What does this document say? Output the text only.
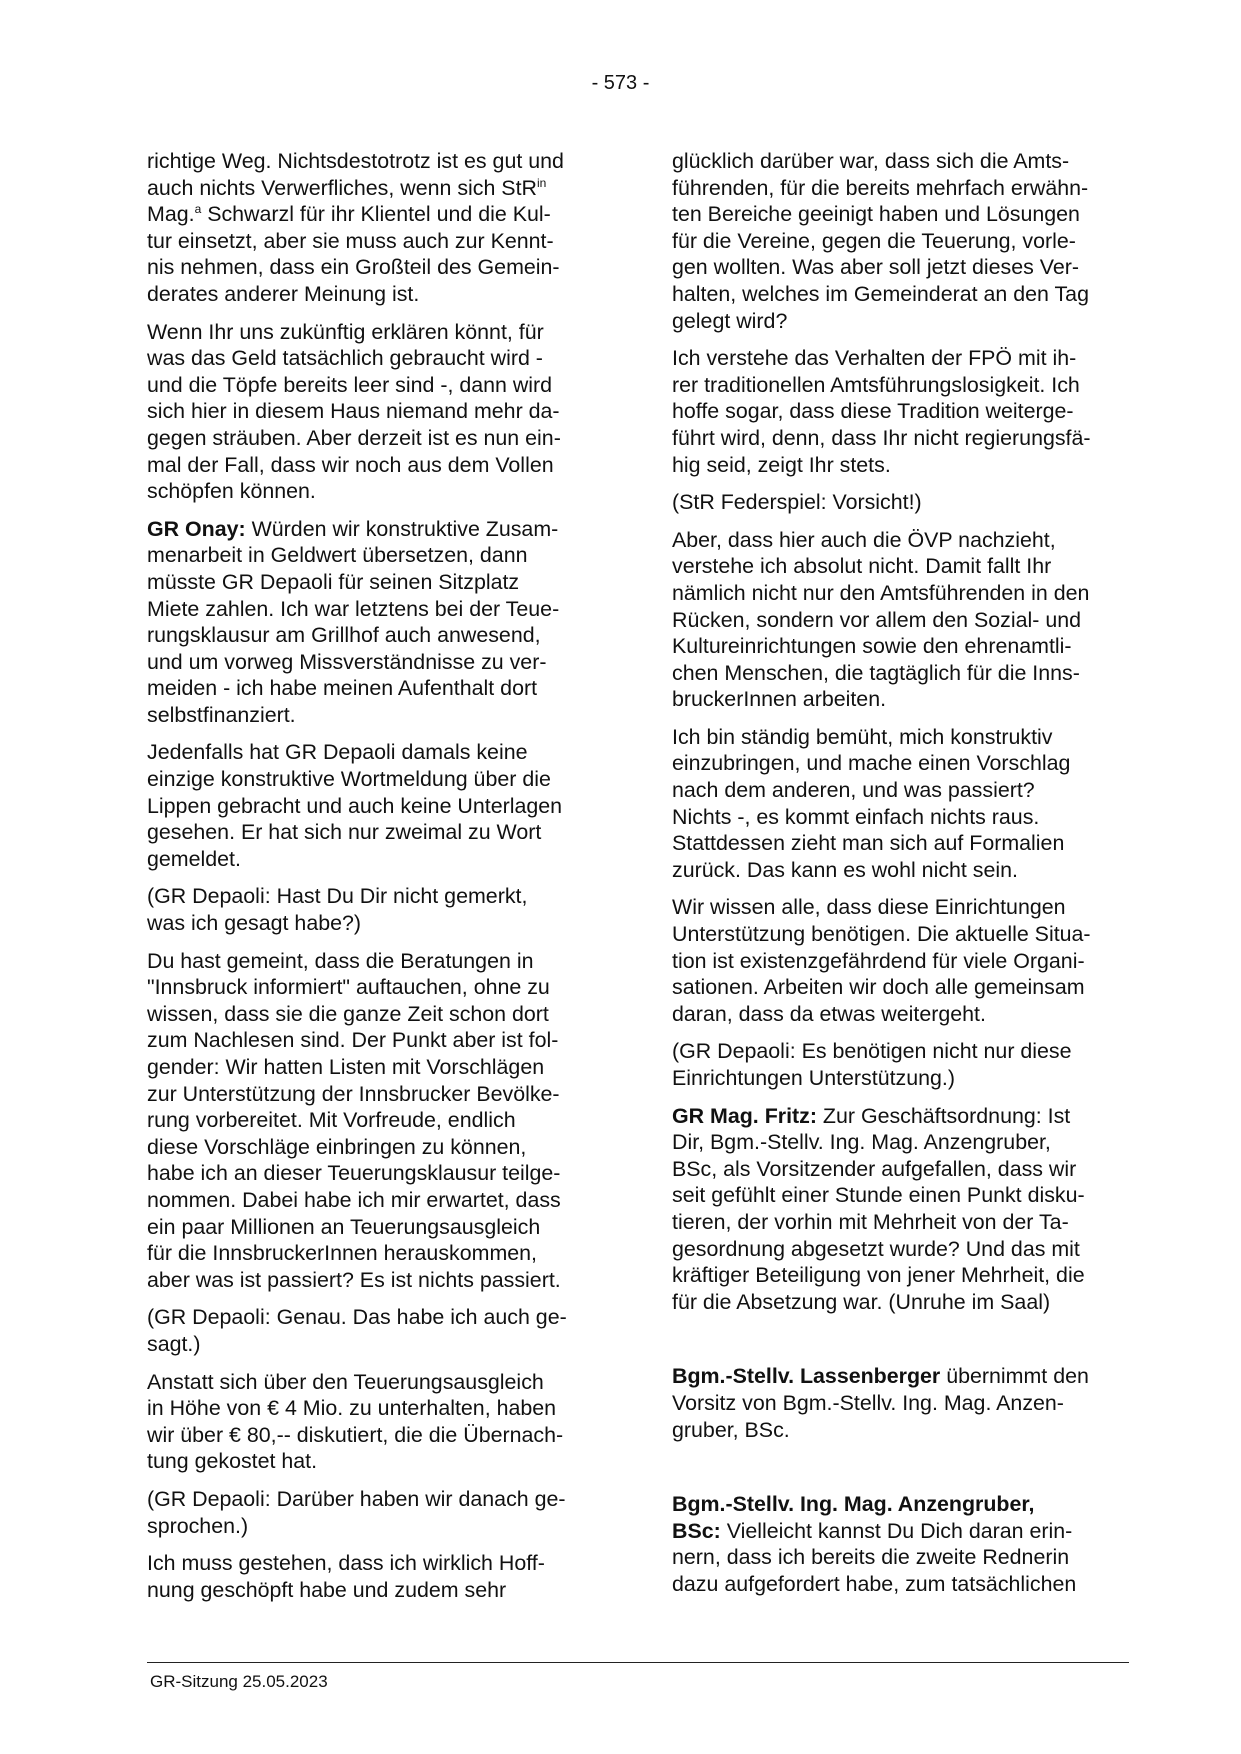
- 573 -

richtige Weg. Nichtsdestotrotz ist es gut und
auch nichts Verwerfliches, wenn sich StR$^{in}$
Mag.$^a$ Schwarzl für ihr Klientel und die Kul-
tur einsetzt, aber sie muss auch zur Kennt-
nis nehmen, dass ein Großteil des Gemein-
derates anderer Meinung ist.

Wenn Ihr uns zukünftig erklären könnt, für
was das Geld tatsächlich gebraucht wird -
und die Töpfe bereits leer sind -, dann wird
sich hier in diesem Haus niemand mehr da-
gegen sträuben. Aber derzeit ist es nun ein-
mal der Fall, dass wir noch aus dem Vollen
schöpfen können.

GR Onay: Würden wir konstruktive Zusam-
menarbeit in Geldwert übersetzen, dann
müsste GR Depaoli für seinen Sitzplatz
Miete zahlen. Ich war letztens bei der Teue-
rungsklausur am Grillhof auch anwesend,
und um vorweg Missverständnisse zu ver-
meiden - ich habe meinen Aufenthalt dort
selbstfinanziert.

Jedenfalls hat GR Depaoli damals keine
einzige konstruktive Wortmeldung über die
Lippen gebracht und auch keine Unterlagen
gesehen. Er hat sich nur zweimal zu Wort
gemeldet.

(GR Depaoli: Hast Du Dir nicht gemerkt,
was ich gesagt habe?)

Du hast gemeint, dass die Beratungen in
"Innsbruck informiert" auftauchen, ohne zu
wissen, dass sie die ganze Zeit schon dort
zum Nachlesen sind. Der Punkt aber ist fol-
gender: Wir hatten Listen mit Vorschlägen
zur Unterstützung der Innsbrucker Bevölke-
rung vorbereitet. Mit Vorfreude, endlich
diese Vorschläge einbringen zu können,
habe ich an dieser Teuerungsklausur teilge-
nommen. Dabei habe ich mir erwartet, dass
ein paar Millionen an Teuerungsausgleich
für die InnsbruckerInnen herauskommen,
aber was ist passiert? Es ist nichts passiert.

(GR Depaoli: Genau. Das habe ich auch ge-
sagt.)

Anstatt sich über den Teuerungsausgleich
in Höhe von € 4 Mio. zu unterhalten, haben
wir über € 80,-- diskutiert, die die Übernach-
tung gekostet hat.

(GR Depaoli: Darüber haben wir danach ge-
sprochen.)

Ich muss gestehen, dass ich wirklich Hoff-
nung geschöpft habe und zudem sehr

glücklich darüber war, dass sich die Amts-
führenden, für die bereits mehrfach erwähn-
ten Bereiche geeinigt haben und Lösungen
für die Vereine, gegen die Teuerung, vorle-
gen wollten. Was aber soll jetzt dieses Ver-
halten, welches im Gemeinderat an den Tag
gelegt wird?

Ich verstehe das Verhalten der FPÖ mit ih-
rer traditionellen Amtsführungslosigkeit. Ich
hoffe sogar, dass diese Tradition weiterge-
führt wird, denn, dass Ihr nicht regierungsfä-
hig seid, zeigt Ihr stets.

(StR Federspiel: Vorsicht!)

Aber, dass hier auch die ÖVP nachzieht,
verstehe ich absolut nicht. Damit fallt Ihr
nämlich nicht nur den Amtsführenden in den
Rücken, sondern vor allem den Sozial- und
Kultureinrichtungen sowie den ehrenamtli-
chen Menschen, die tagtäglich für die Inns-
bruckerInnen arbeiten.

Ich bin ständig bemüht, mich konstruktiv
einzubringen, und mache einen Vorschlag
nach dem anderen, und was passiert?
Nichts -, es kommt einfach nichts raus.
Stattdessen zieht man sich auf Formalien
zurück. Das kann es wohl nicht sein.

Wir wissen alle, dass diese Einrichtungen
Unterstützung benötigen. Die aktuelle Situa-
tion ist existenzgefährdend für viele Organi-
sationen. Arbeiten wir doch alle gemeinsam
daran, dass da etwas weitergeht.

(GR Depaoli: Es benötigen nicht nur diese
Einrichtungen Unterstützung.)

GR Mag. Fritz: Zur Geschäftsordnung: Ist
Dir, Bgm.-Stellv. Ing. Mag. Anzengruber,
BSc, als Vorsitzender aufgefallen, dass wir
seit gefühlt einer Stunde einen Punkt disku-
tieren, der vorhin mit Mehrheit von der Ta-
gesordnung abgesetzt wurde? Und das mit
kräftiger Beteiligung von jener Mehrheit, die
für die Absetzung war. (Unruhe im Saal)

Bgm.-Stellv. Lassenberger übernimmt den
Vorsitz von Bgm.-Stellv. Ing. Mag. Anzen-
gruber, BSc.

Bgm.-Stellv. Ing. Mag. Anzengruber,
BSc: Vielleicht kannst Du Dich daran erin-
nern, dass ich bereits die zweite Rednerin
dazu aufgefordert habe, zum tatsächlichen

GR-Sitzung 25.05.2023
